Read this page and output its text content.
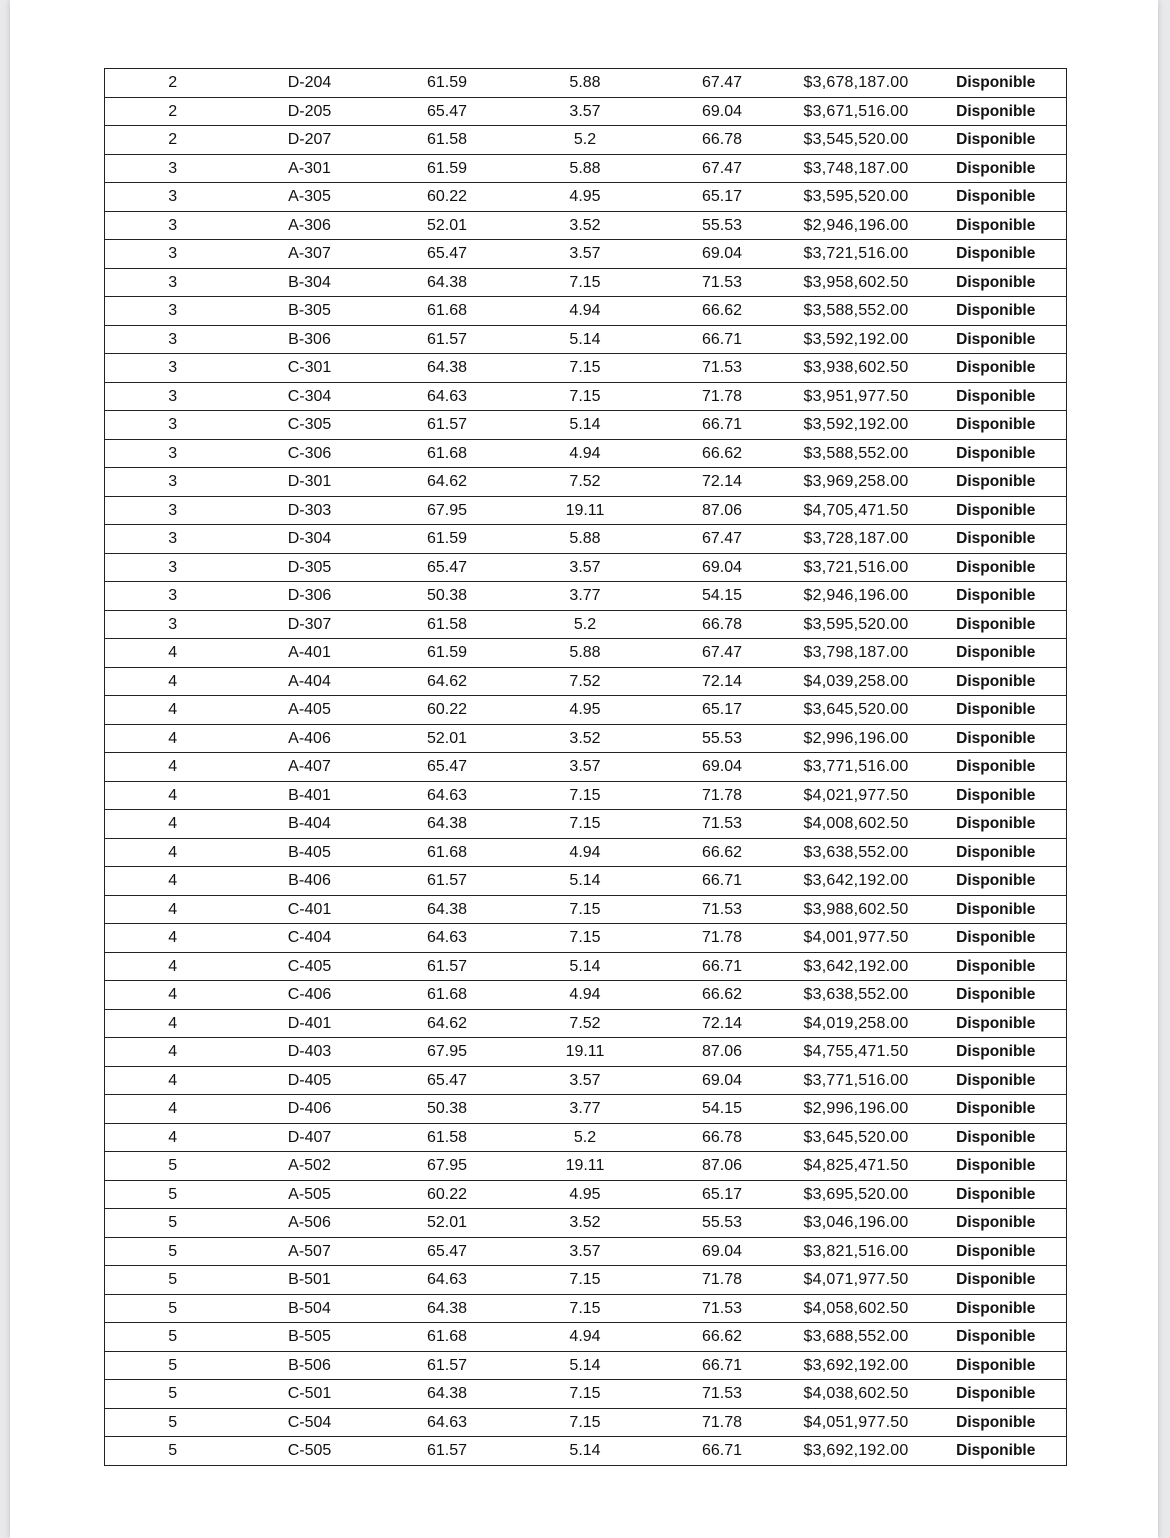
2	D-204	61.59	5.88	67.47	$3,678,187.00	Disponible
2	D-205	65.47	3.57	69.04	$3,671,516.00	Disponible
2	D-207	61.58	5.2	66.78	$3,545,520.00	Disponible
3	A-301	61.59	5.88	67.47	$3,748,187.00	Disponible
3	A-305	60.22	4.95	65.17	$3,595,520.00	Disponible
3	A-306	52.01	3.52	55.53	$2,946,196.00	Disponible
3	A-307	65.47	3.57	69.04	$3,721,516.00	Disponible
3	B-304	64.38	7.15	71.53	$3,958,602.50	Disponible
3	B-305	61.68	4.94	66.62	$3,588,552.00	Disponible
3	B-306	61.57	5.14	66.71	$3,592,192.00	Disponible
3	C-301	64.38	7.15	71.53	$3,938,602.50	Disponible
3	C-304	64.63	7.15	71.78	$3,951,977.50	Disponible
3	C-305	61.57	5.14	66.71	$3,592,192.00	Disponible
3	C-306	61.68	4.94	66.62	$3,588,552.00	Disponible
3	D-301	64.62	7.52	72.14	$3,969,258.00	Disponible
3	D-303	67.95	19.11	87.06	$4,705,471.50	Disponible
3	D-304	61.59	5.88	67.47	$3,728,187.00	Disponible
3	D-305	65.47	3.57	69.04	$3,721,516.00	Disponible
3	D-306	50.38	3.77	54.15	$2,946,196.00	Disponible
3	D-307	61.58	5.2	66.78	$3,595,520.00	Disponible
4	A-401	61.59	5.88	67.47	$3,798,187.00	Disponible
4	A-404	64.62	7.52	72.14	$4,039,258.00	Disponible
4	A-405	60.22	4.95	65.17	$3,645,520.00	Disponible
4	A-406	52.01	3.52	55.53	$2,996,196.00	Disponible
4	A-407	65.47	3.57	69.04	$3,771,516.00	Disponible
4	B-401	64.63	7.15	71.78	$4,021,977.50	Disponible
4	B-404	64.38	7.15	71.53	$4,008,602.50	Disponible
4	B-405	61.68	4.94	66.62	$3,638,552.00	Disponible
4	B-406	61.57	5.14	66.71	$3,642,192.00	Disponible
4	C-401	64.38	7.15	71.53	$3,988,602.50	Disponible
4	C-404	64.63	7.15	71.78	$4,001,977.50	Disponible
4	C-405	61.57	5.14	66.71	$3,642,192.00	Disponible
4	C-406	61.68	4.94	66.62	$3,638,552.00	Disponible
4	D-401	64.62	7.52	72.14	$4,019,258.00	Disponible
4	D-403	67.95	19.11	87.06	$4,755,471.50	Disponible
4	D-405	65.47	3.57	69.04	$3,771,516.00	Disponible
4	D-406	50.38	3.77	54.15	$2,996,196.00	Disponible
4	D-407	61.58	5.2	66.78	$3,645,520.00	Disponible
5	A-502	67.95	19.11	87.06	$4,825,471.50	Disponible
5	A-505	60.22	4.95	65.17	$3,695,520.00	Disponible
5	A-506	52.01	3.52	55.53	$3,046,196.00	Disponible
5	A-507	65.47	3.57	69.04	$3,821,516.00	Disponible
5	B-501	64.63	7.15	71.78	$4,071,977.50	Disponible
5	B-504	64.38	7.15	71.53	$4,058,602.50	Disponible
5	B-505	61.68	4.94	66.62	$3,688,552.00	Disponible
5	B-506	61.57	5.14	66.71	$3,692,192.00	Disponible
5	C-501	64.38	7.15	71.53	$4,038,602.50	Disponible
5	C-504	64.63	7.15	71.78	$4,051,977.50	Disponible
5	C-505	61.57	5.14	66.71	$3,692,192.00	Disponible
